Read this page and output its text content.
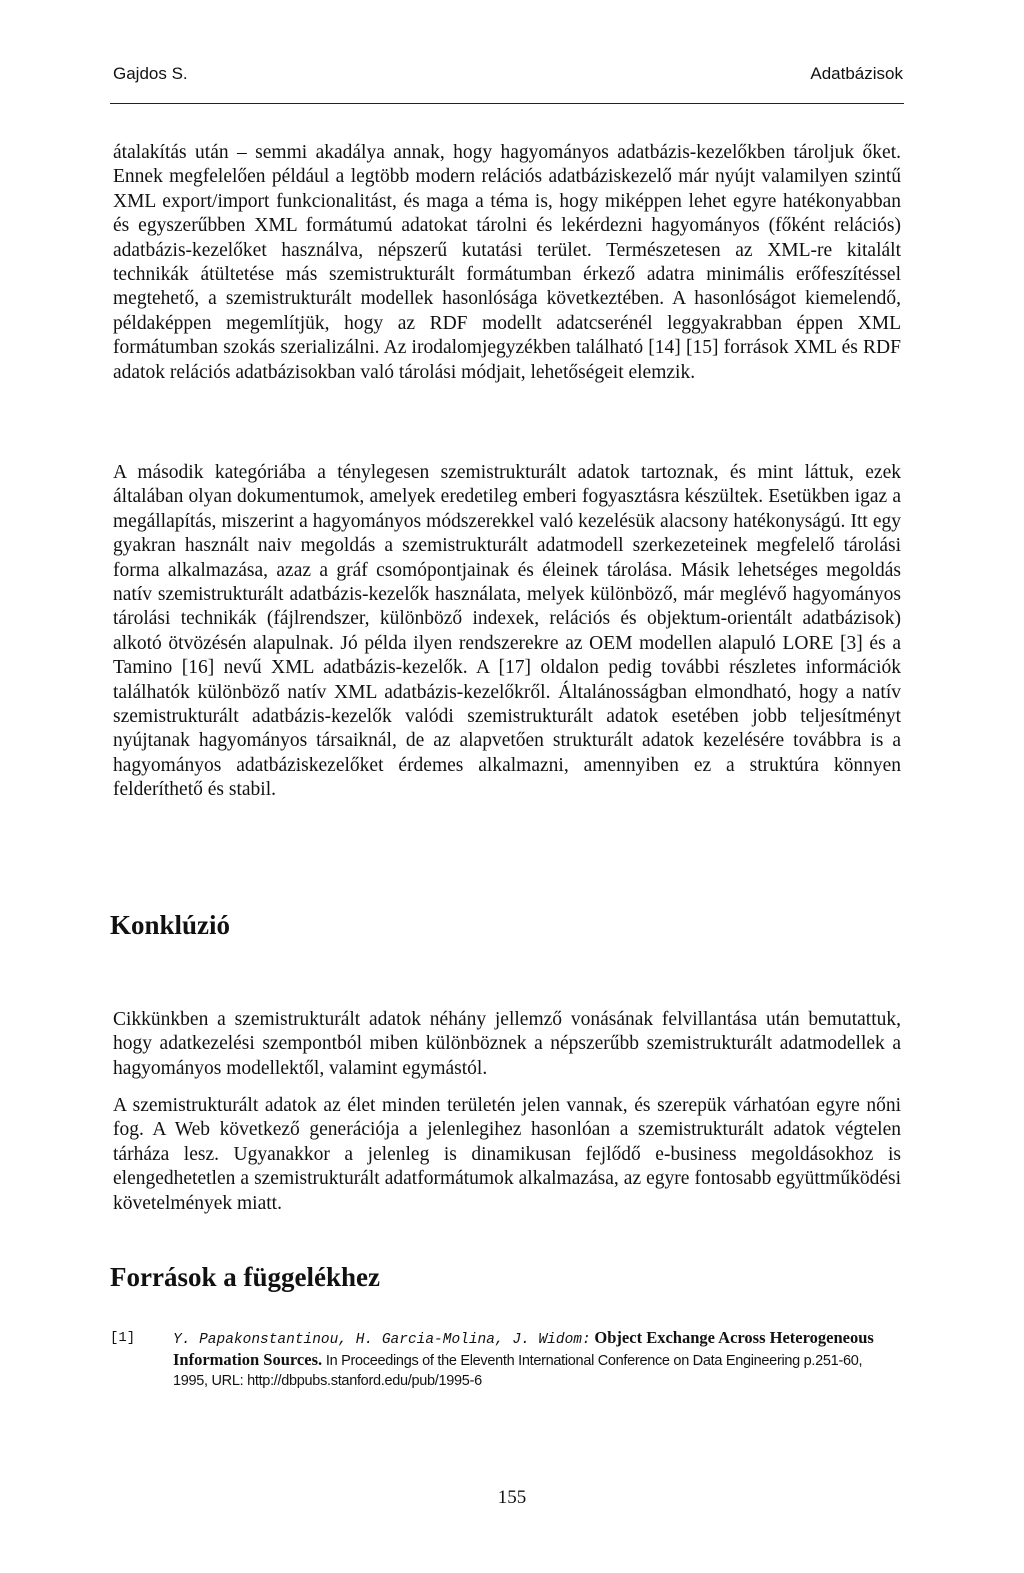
Gajdos S.	Adatbázisok

átalakítás után – semmi akadálya annak, hogy hagyományos adatbázis-kezelőkben tároljuk őket. Ennek megfelelően például a legtöbb modern relációs adatbáziskezelő már nyújt valamilyen szintű XML export/import funkcionalitást, és maga a téma is, hogy miképpen lehet egyre hatékonyabban és egyszerűbben XML formátumú adatokat tárolni és lekérdezni hagyományos (főként relációs) adatbázis-kezelőket használva, népszerű kutatási terület. Természetesen az XML-re kitalált technikák átültetése más szemistrukturált formátumban érkező adatra minimális erőfeszítéssel megtehető, a szemistrukturált modellek hasonlósága következtében. A hasonlóságot kiemelendő, példaképpen megemlítjük, hogy az RDF modellt adatcserénél leggyakrabban éppen XML formátumban szokás szerializálni. Az irodalomjegyzékben található [14] [15] források XML és RDF adatok relációs adatbázisokban való tárolási módjait, lehetőségeit elemzik.

A második kategóriába a ténylegesen szemistrukturált adatok tartoznak, és mint láttuk, ezek általában olyan dokumentumok, amelyek eredetileg emberi fogyasztásra készültek. Esetükben igaz a megállapítás, miszerint a hagyományos módszerekkel való kezelésük alacsony hatékonyságú. Itt egy gyakran használt naiv megoldás a szemistrukturált adatmodell szerkezeteinek megfelelő tárolási forma alkalmazása, azaz a gráf csomópontjainak és éleinek tárolása. Másik lehetséges megoldás natív szemistrukturált adatbázis-kezelők használata, melyek különböző, már meglévő hagyományos tárolási technikák (fájlrendszer, különböző indexek, relációs és objektum-orientált adatbázisok) alkotó ötvözésén alapulnak. Jó példa ilyen rendszerekre az OEM modellen alapuló LORE [3] és a Tamino [16] nevű XML adatbázis-kezelők. A [17] oldalon pedig további részletes információk találhatók különböző natív XML adatbázis-kezelőkről. Általánosságban elmondható, hogy a natív szemistrukturált adatbázis-kezelők valódi szemistrukturált adatok esetében jobb teljesítményt nyújtanak hagyományos társaiknál, de az alapvetően strukturált adatok kezelésére továbbra is a hagyományos adatbáziskezelőket érdemes alkalmazni, amennyiben ez a struktúra könnyen felderíthető és stabil.

Konklúzió

Cikkünkben a szemistrukturált adatok néhány jellemző vonásának felvillantása után bemutattuk, hogy adatkezelési szempontból miben különböznek a népszerűbb szemistrukturált adatmodellek a hagyományos modellektől, valamint egymástól.

A szemistrukturált adatok az élet minden területén jelen vannak, és szerepük várhatóan egyre nőni fog. A Web következő generációja a jelenlegihez hasonlóan a szemistrukturált adatok végtelen tárháza lesz. Ugyanakkor a jelenleg is dinamikusan fejlődő e-business megoldásokhoz is elengedhetetlen a szemistrukturált adatformátumok alkalmazása, az egyre fontosabb együttműködési követelmények miatt.

Források a függelékhez
[1]	Y. Papakonstantinou, H. Garcia-Molina, J. Widom: Object Exchange Across Heterogeneous Information Sources. In Proceedings of the Eleventh International Conference on Data Engineering p.251-60, 1995, URL: http://dbpubs.stanford.edu/pub/1995-6
155
